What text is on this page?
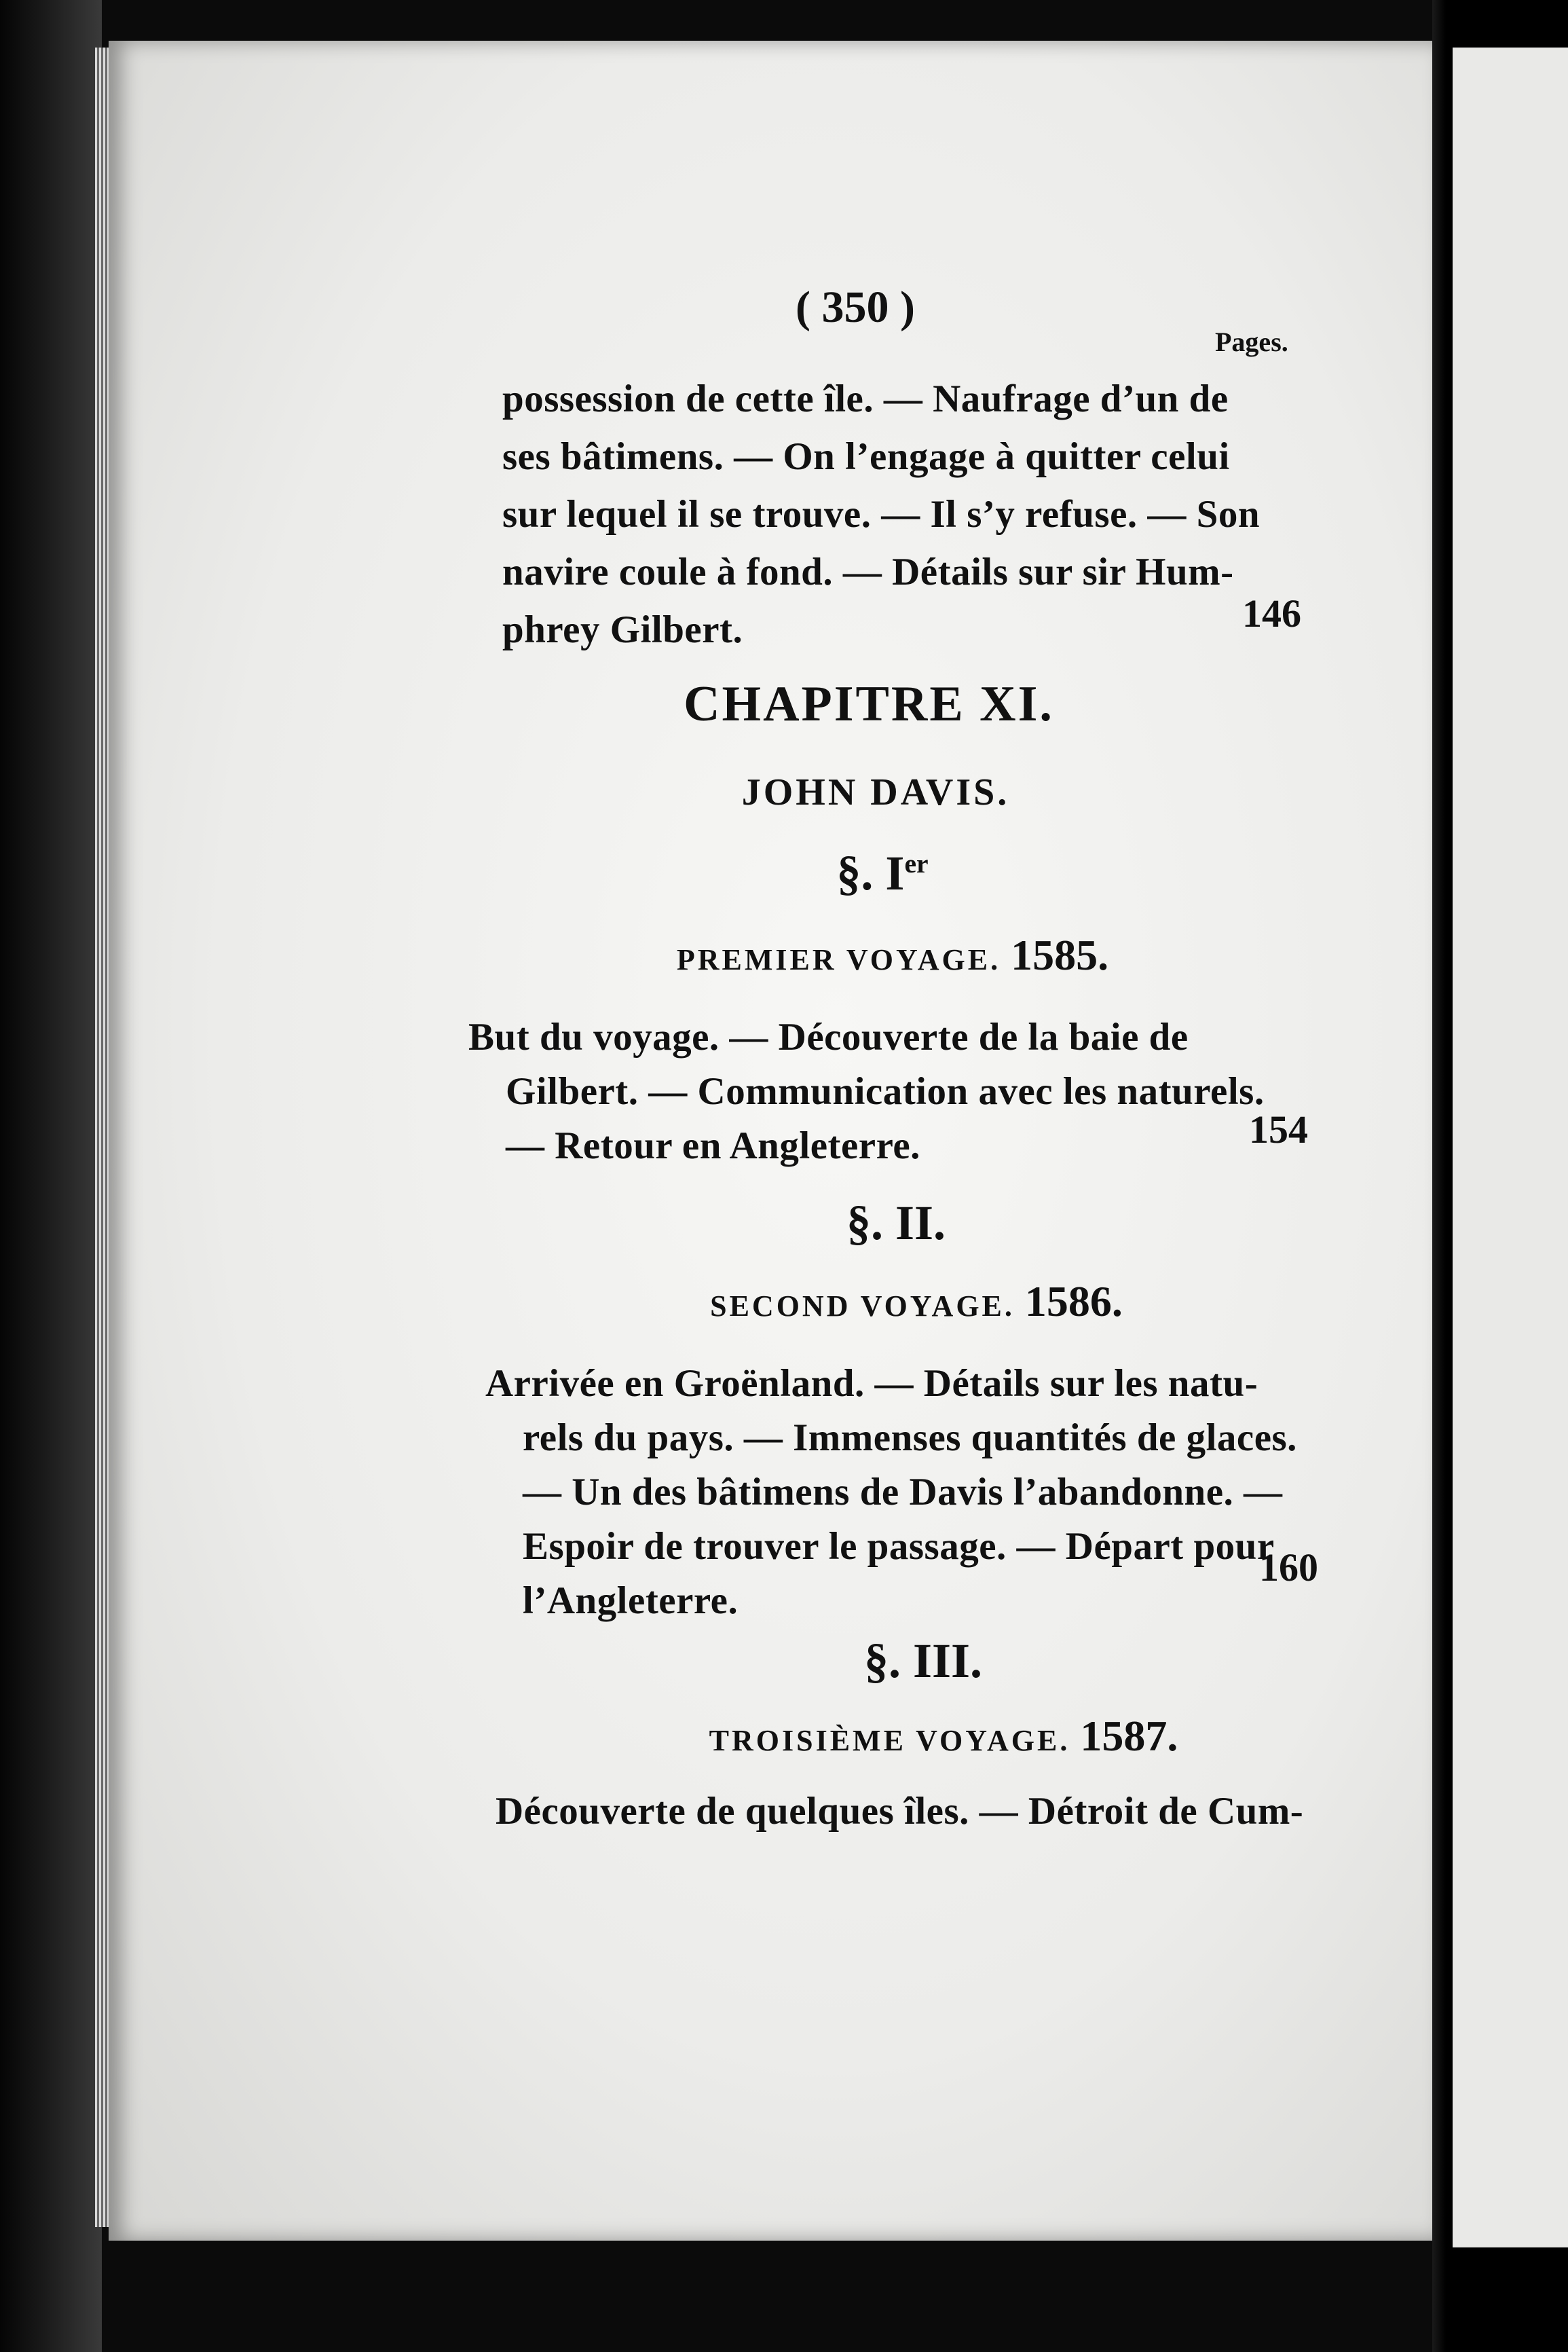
( 350 )
Pages.
possession de cette île. — Naufrage d’un de
ses bâtimens. — On l’engage à quitter celui
sur lequel il se trouve. — Il s’y refuse. — Son
navire coule à fond. — Détails sur sir Hum-
phrey Gilbert.	146
CHAPITRE XI.
JOHN DAVIS.
§. Ier
PREMIER VOYAGE. 1585.
But du voyage. — Découverte de la baie de
Gilbert. — Communication avec les naturels.
— Retour en Angleterre.	154
§. II.
SECOND VOYAGE. 1586.
Arrivée en Groënland. — Détails sur les natu-
rels du pays. — Immenses quantités de glaces.
— Un des bâtimens de Davis l’abandonne. —
Espoir de trouver le passage. — Départ pour
l’Angleterre.
160
§. III.
TROISIÈME VOYAGE. 1587.
Découverte de quelques îles. — Détroit de Cum-
